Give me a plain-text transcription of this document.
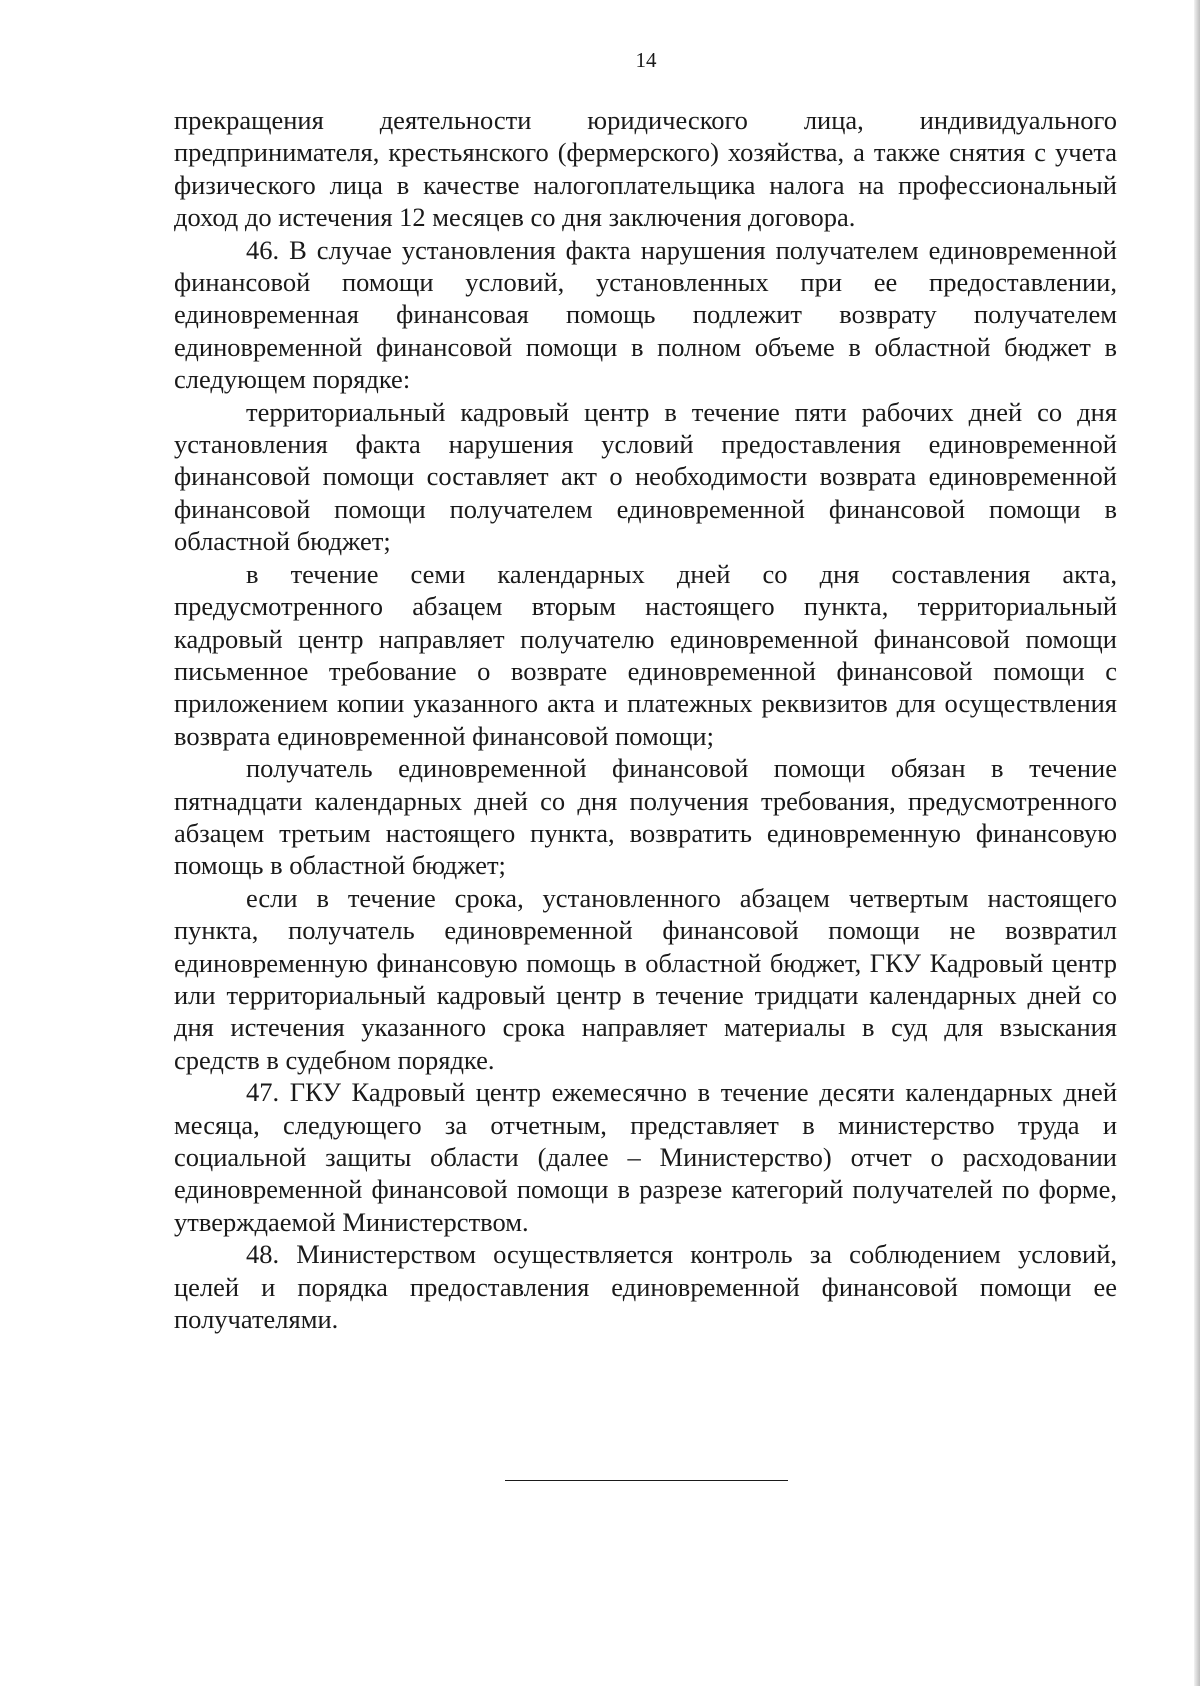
14

прекращения деятельности юридического лица, индивидуального предпринимателя, крестьянского (фермерского) хозяйства, а также снятия с учета физического лица в качестве налогоплательщика налога на профессиональный доход до истечения 12 месяцев со дня заключения договора.

46. В случае установления факта нарушения получателем единовременной финансовой помощи условий, установленных при ее предоставлении, единовременная финансовая помощь подлежит возврату получателем единовременной финансовой помощи в полном объеме в областной бюджет в следующем порядке:

территориальный кадровый центр в течение пяти рабочих дней со дня установления факта нарушения условий предоставления единовременной финансовой помощи составляет акт о необходимости возврата единовременной финансовой помощи получателем единовременной финансовой помощи в областной бюджет;

в течение семи календарных дней со дня составления акта, предусмотренного абзацем вторым настоящего пункта, территориальный кадровый центр направляет получателю единовременной финансовой помощи письменное требование о возврате единовременной финансовой помощи с приложением копии указанного акта и платежных реквизитов для осуществления возврата единовременной финансовой помощи;

получатель единовременной финансовой помощи обязан в течение пятнадцати календарных дней со дня получения требования, предусмотренного абзацем третьим настоящего пункта, возвратить единовременную финансовую помощь в областной бюджет;

если в течение срока, установленного абзацем четвертым настоящего пункта, получатель единовременной финансовой помощи не возвратил единовременную финансовую помощь в областной бюджет, ГКУ Кадровый центр или территориальный кадровый центр в течение тридцати календарных дней со дня истечения указанного срока направляет материалы в суд для взыскания средств в судебном порядке.

47. ГКУ Кадровый центр ежемесячно в течение десяти календарных дней месяца, следующего за отчетным, представляет в министерство труда и социальной защиты области (далее – Министерство) отчет о расходовании единовременной финансовой помощи в разрезе категорий получателей по форме, утверждаемой Министерством.

48. Министерством осуществляется контроль за соблюдением условий, целей и порядка предоставления единовременной финансовой помощи ее получателями.
